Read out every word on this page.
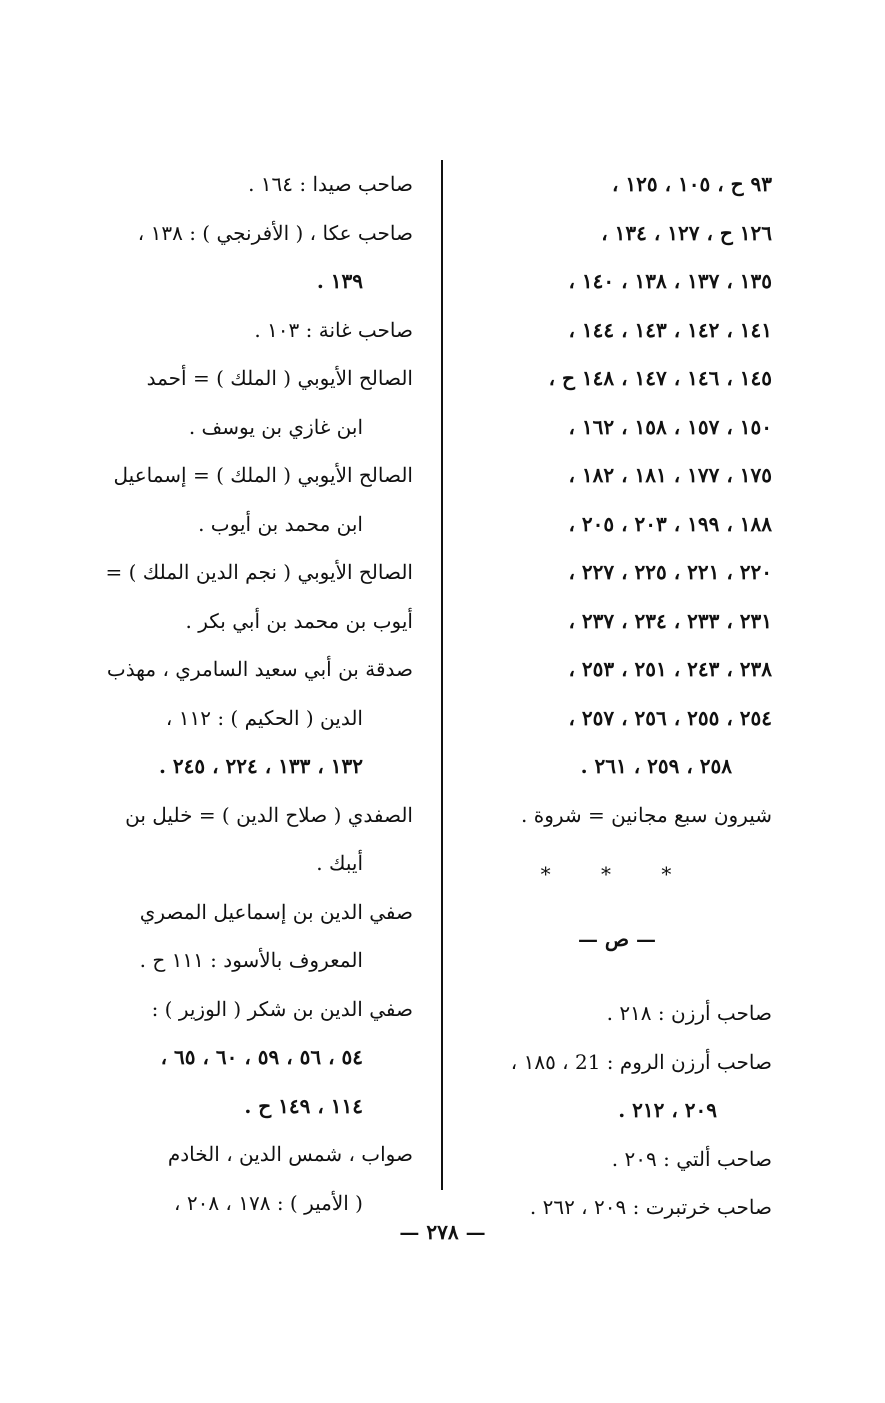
٩٣ ح ، ١٠٥ ، ١٢٥ ،
١٢٦ ح ، ١٢٧ ، ١٣٤ ،
١٣٥ ، ١٣٧ ، ١٣٨ ، ١٤٠ ،
١٤١ ، ١٤٢ ، ١٤٣ ، ١٤٤ ،
١٤٥ ، ١٤٦ ، ١٤٧ ، ١٤٨ ح ،
١٥٠ ، ١٥٧ ، ١٥٨ ، ١٦٢ ،
١٧٥ ، ١٧٧ ، ١٨١ ، ١٨٢ ،
١٨٨ ، ١٩٩ ، ٢٠٣ ، ٢٠٥ ،
٢٢٠ ، ٢٢١ ، ٢٢٥ ، ٢٢٧ ،
٢٣١ ، ٢٣٣ ، ٢٣٤ ، ٢٣٧ ،
٢٣٨ ، ٢٤٣ ، ٢٥١ ، ٢٥٣ ،
٢٥٤ ، ٢٥٥ ، ٢٥٦ ، ٢٥٧ ،
٢٥٨ ، ٢٥٩ ، ٢٦١ .
شيرون سبع مجانين = شروة .
* * *
— ص —
صاحب أرزن : ٢١٨ .
صاحب أرزن الروم : 21 ، ١٨٥ ،
٢٠٩ ، ٢١٢ .
صاحب ألتي : ٢٠٩ .
صاحب خرتبرت : ٢٠٩ ، ٢٦٢ .
صاحب صيدا : ١٦٤ .
صاحب عكا ، ( الأفرنجي ) : ١٣٨ ،
١٣٩ .
صاحب غانة : ١٠٣ .
الصالح الأيوبي ( الملك ) = أحمد
ابن غازي بن يوسف .
الصالح الأيوبي ( الملك ) = إسماعيل
ابن محمد بن أيوب .
الصالح الأيوبي ( نجم الدين الملك ) =
أيوب بن محمد بن أبي بكر .
صدقة بن أبي سعيد السامري ، مهذب
الدين ( الحكيم ) : ١١٢ ،
١٣٢ ، ١٣٣ ، ٢٢٤ ، ٢٤٥ .
الصفدي ( صلاح الدين ) = خليل بن
أيبك .
صفي الدين بن إسماعيل المصري
المعروف بالأسود : ١١١ ح .
صفي الدين بن شكر ( الوزير ) :
٥٤ ، ٥٦ ، ٥٩ ، ٦٠ ، ٦٥ ،
١١٤ ، ١٤٩ ح .
صواب ، شمس الدين ، الخادم
( الأمير ) : ١٧٨ ، ٢٠٨ ،
— ٢٧٨ —
